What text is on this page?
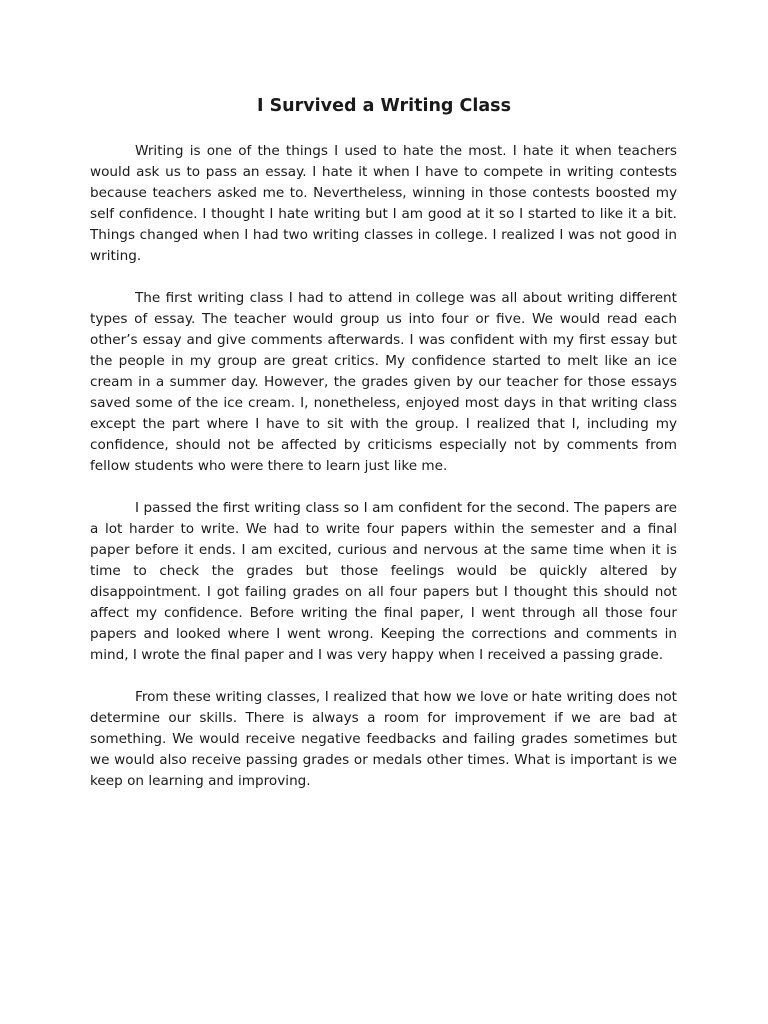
I Survived a Writing Class

Writing is one of the things I used to hate the most. I hate it when teachers would ask us to pass an essay. I hate it when I have to compete in writing contests because teachers asked me to. Nevertheless, winning in those contests boosted my self confidence. I thought I hate writing but I am good at it so I started to like it a bit. Things changed when I had two writing classes in college. I realized I was not good in writing.

The first writing class I had to attend in college was all about writing different types of essay. The teacher would group us into four or five. We would read each other’s essay and give comments afterwards. I was confident with my first essay but the people in my group are great critics. My confidence started to melt like an ice cream in a summer day. However, the grades given by our teacher for those essays saved some of the ice cream. I, nonetheless, enjoyed most days in that writing class except the part where I have to sit with the group. I realized that I, including my confidence, should not be affected by criticisms especially not by comments from fellow students who were there to learn just like me.

I passed the first writing class so I am confident for the second. The papers are a lot harder to write. We had to write four papers within the semester and a final paper before it ends. I am excited, curious and nervous at the same time when it is time to check the grades but those feelings would be quickly altered by disappointment. I got failing grades on all four papers but I thought this should not affect my confidence. Before writing the final paper, I went through all those four papers and looked where I went wrong. Keeping the corrections and comments in mind, I wrote the final paper and I was very happy when I received a passing grade.

From these writing classes, I realized that how we love or hate writing does not determine our skills. There is always a room for improvement if we are bad at something. We would receive negative feedbacks and failing grades sometimes but we would also receive passing grades or medals other times. What is important is we keep on learning and improving.
